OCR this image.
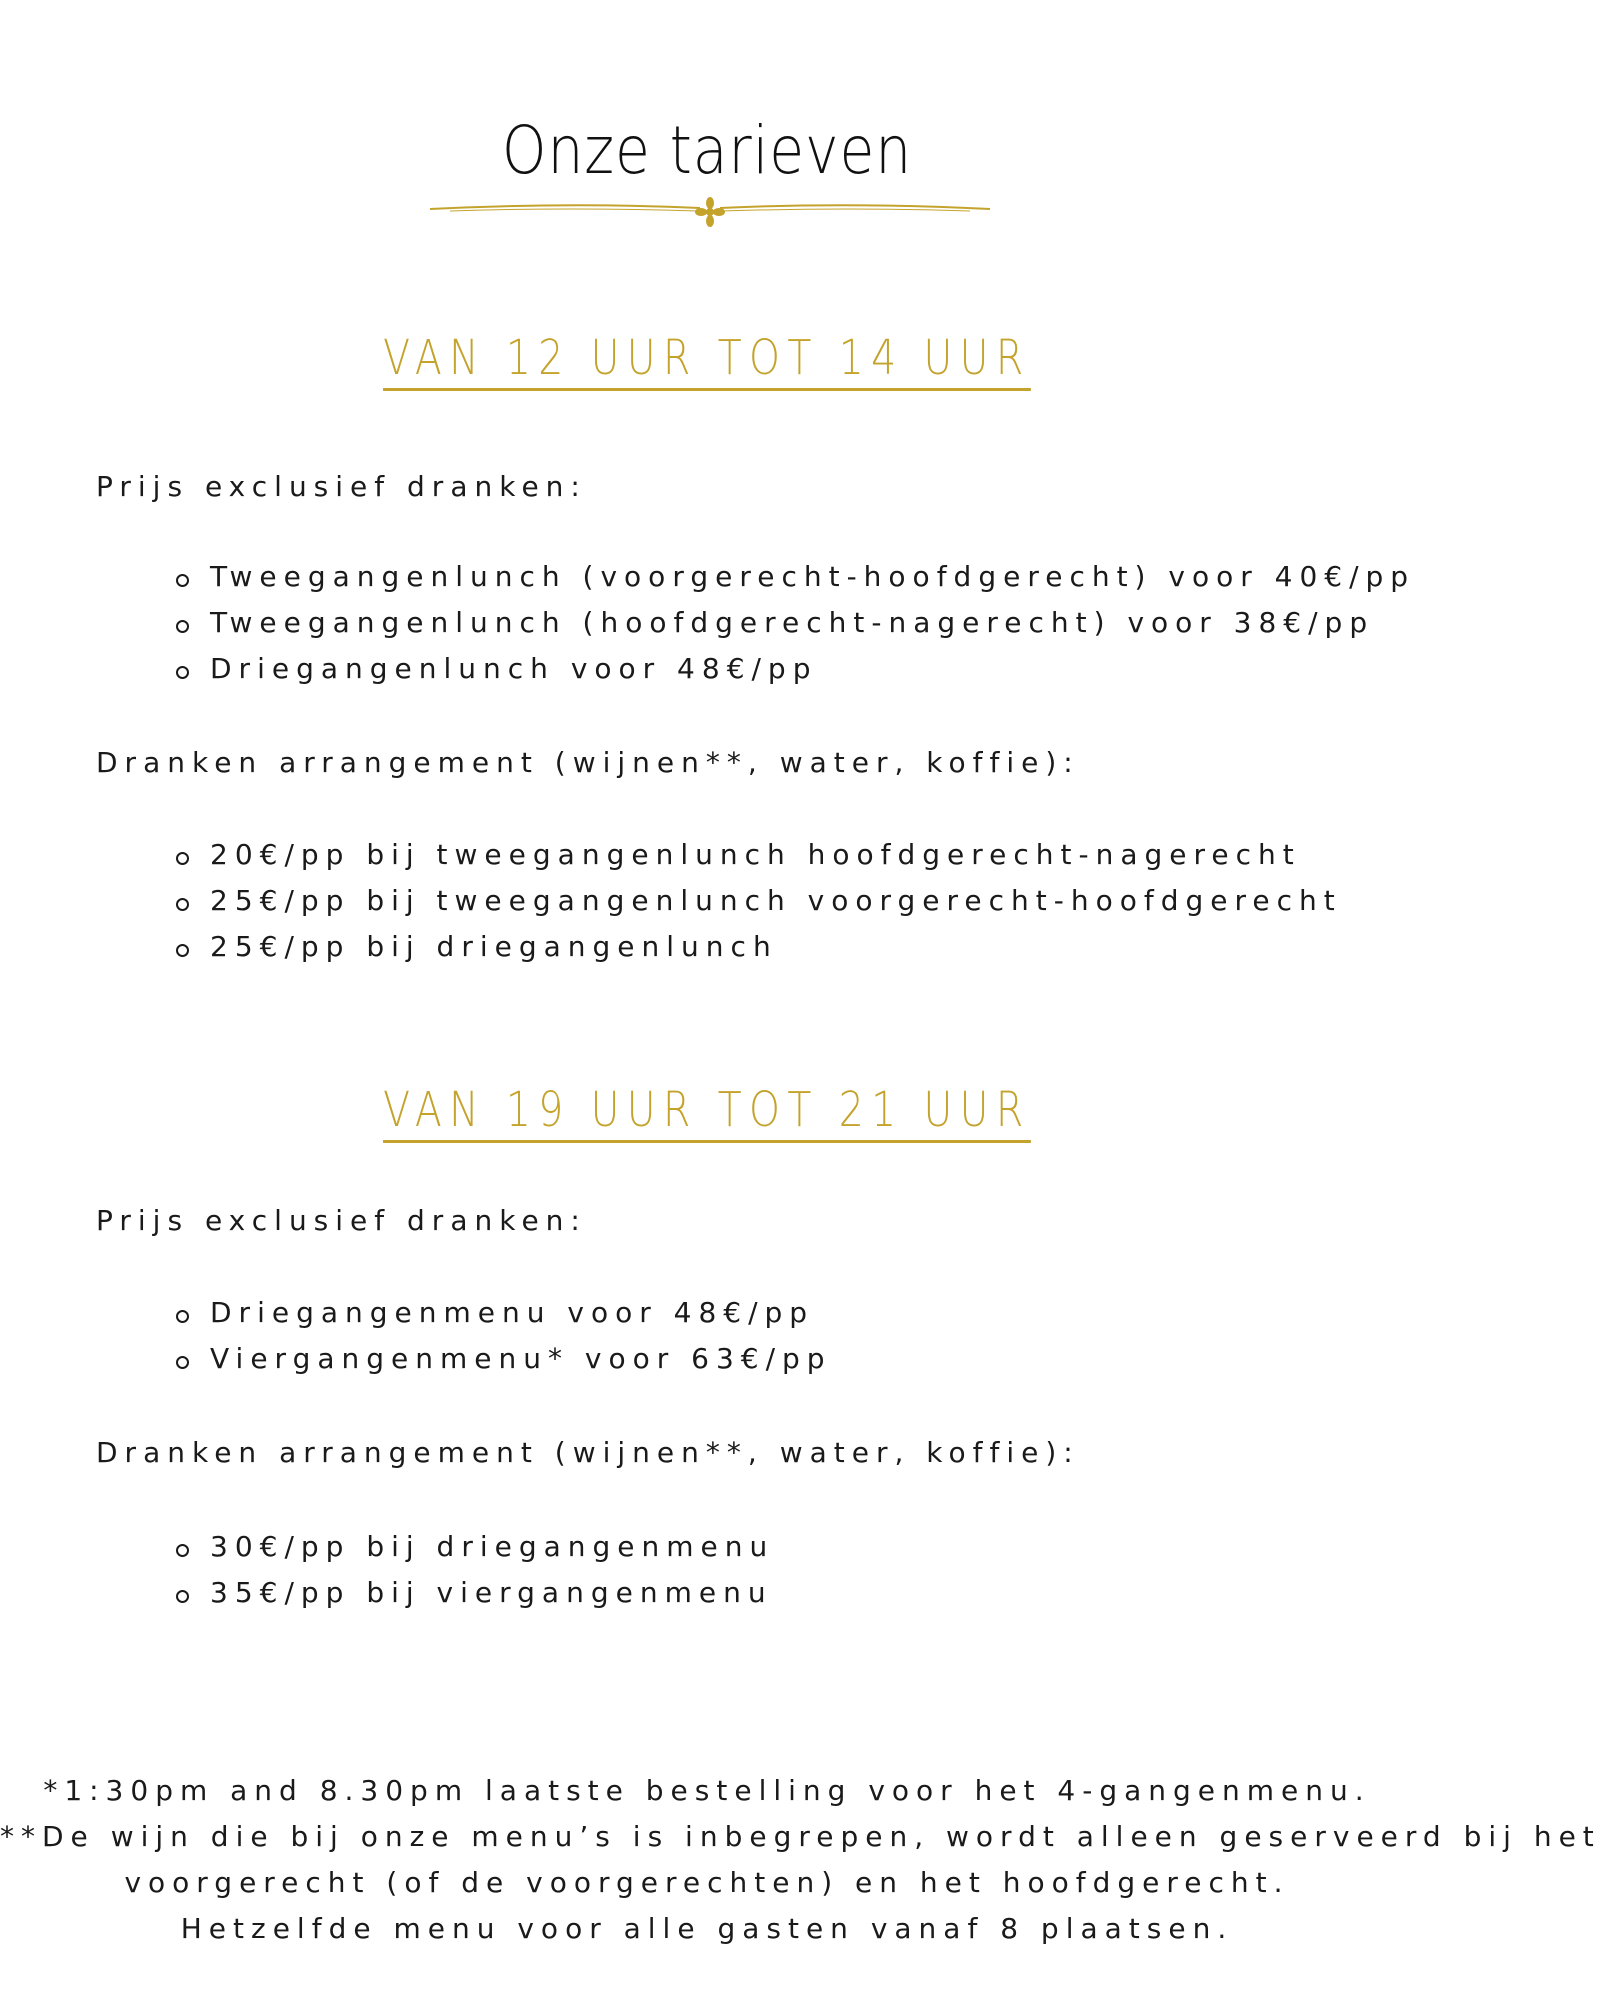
Onze tarieven
VAN 12 UUR TOT 14 UUR
Prijs exclusief dranken:
Tweegangenlunch (voorgerecht-hoofdgerecht) voor 40€/pp
Tweegangenlunch (hoofdgerecht-nagerecht) voor 38€/pp
Driegangenlunch voor 48€/pp
Dranken arrangement (wijnen**, water, koffie):
20€/pp bij tweegangenlunch hoofdgerecht-nagerecht
25€/pp bij tweegangenlunch voorgerecht-hoofdgerecht
25€/pp bij driegangenlunch
VAN 19 UUR TOT 21 UUR
Prijs exclusief dranken:
Driegangenmenu voor 48€/pp
Viergangenmenu* voor 63€/pp
Dranken arrangement (wijnen**, water, koffie):
30€/pp bij driegangenmenu
35€/pp bij viergangenmenu
*1:30pm and 8.30pm laatste bestelling voor het 4-gangenmenu.
**De wijn die bij onze menu’s is inbegrepen, wordt alleen geserveerd bij het
voorgerecht (of de voorgerechten) en het hoofdgerecht.
Hetzelfde menu voor alle gasten vanaf 8 plaatsen.
